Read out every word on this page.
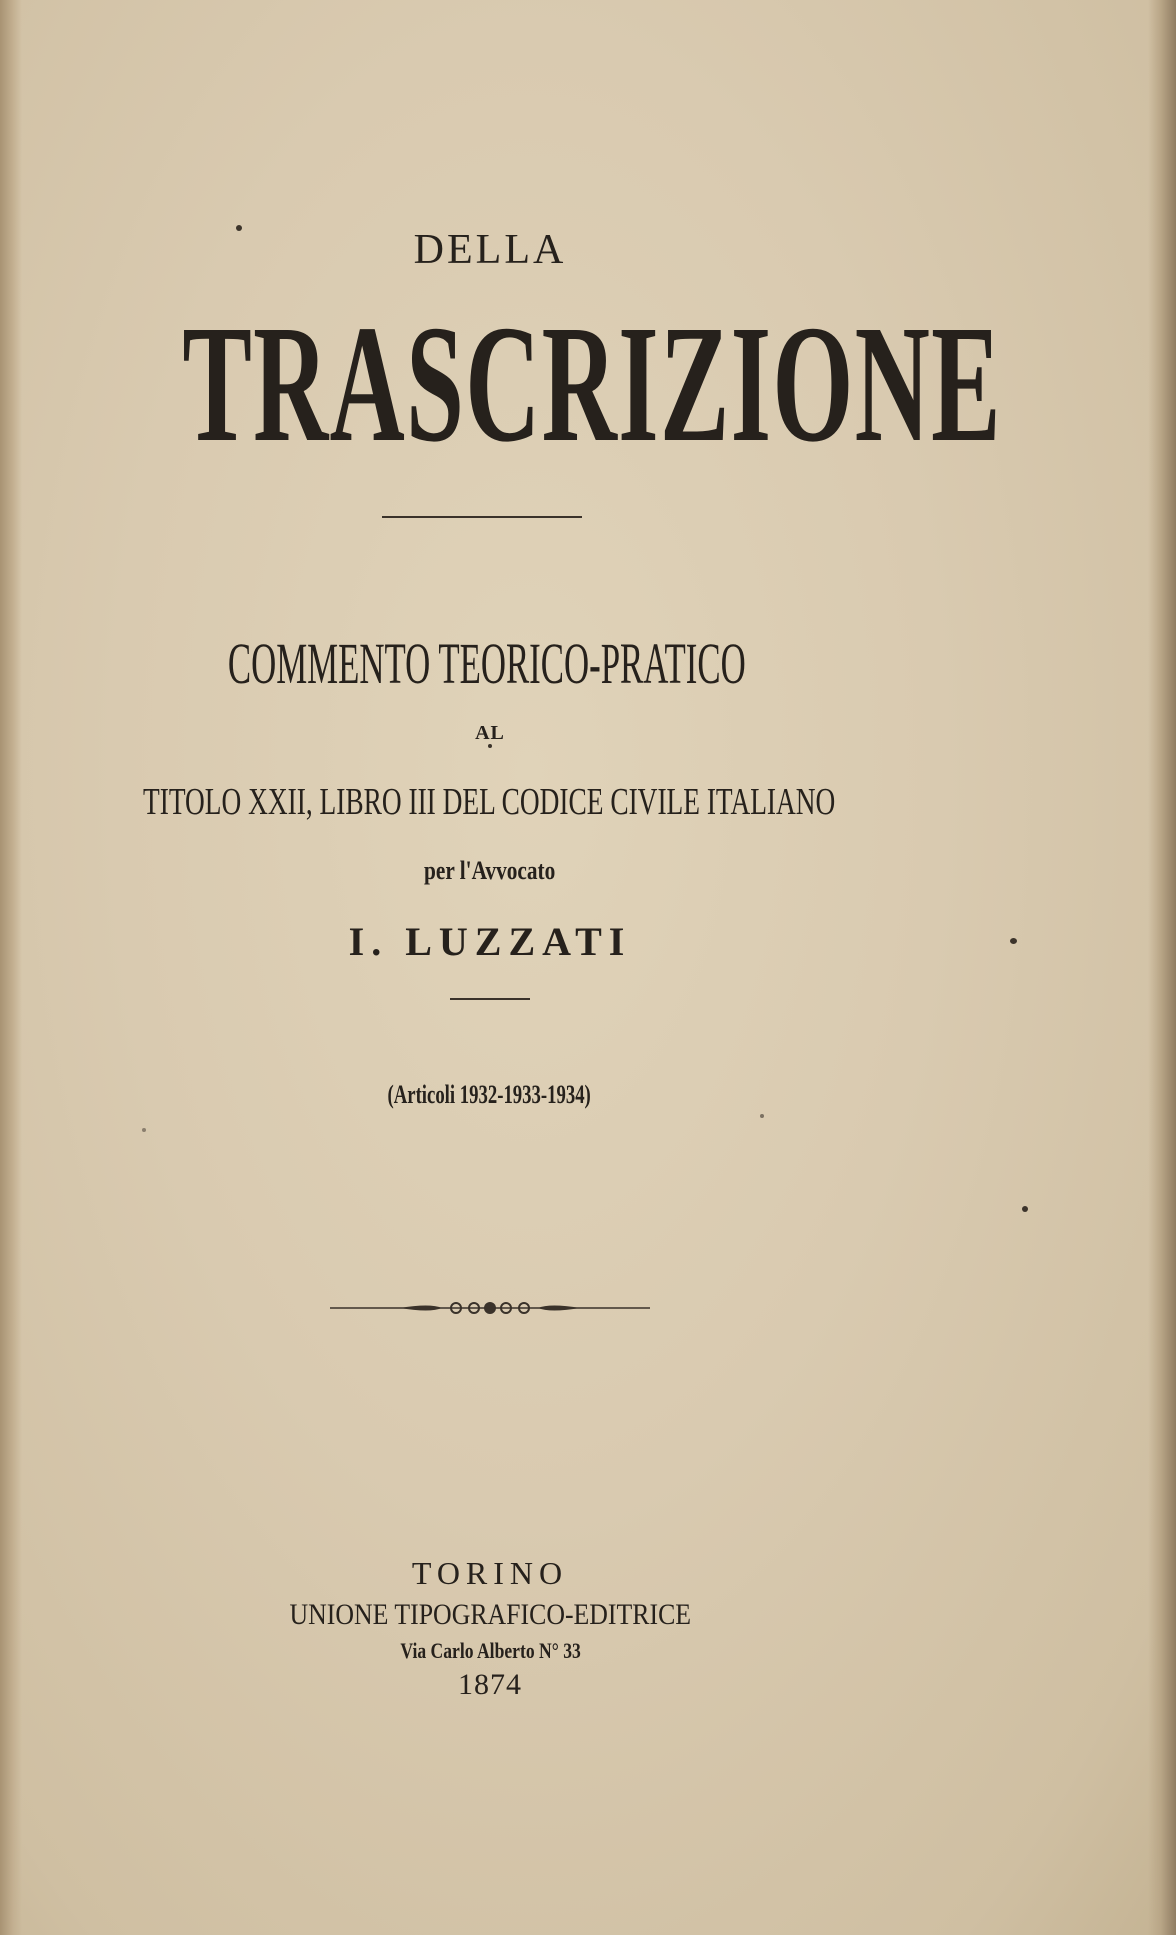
DELLA
TRASCRIZIONE
COMMENTO TEORICO-PRATICO
AL
TITOLO XXII, LIBRO III DEL CODICE CIVILE ITALIANO
per l'Avvocato
I. LUZZATI
(Articoli 1932-1933-1934)
TORINO
UNIONE TIPOGRAFICO-EDITRICE
Via Carlo Alberto N° 33
1874
